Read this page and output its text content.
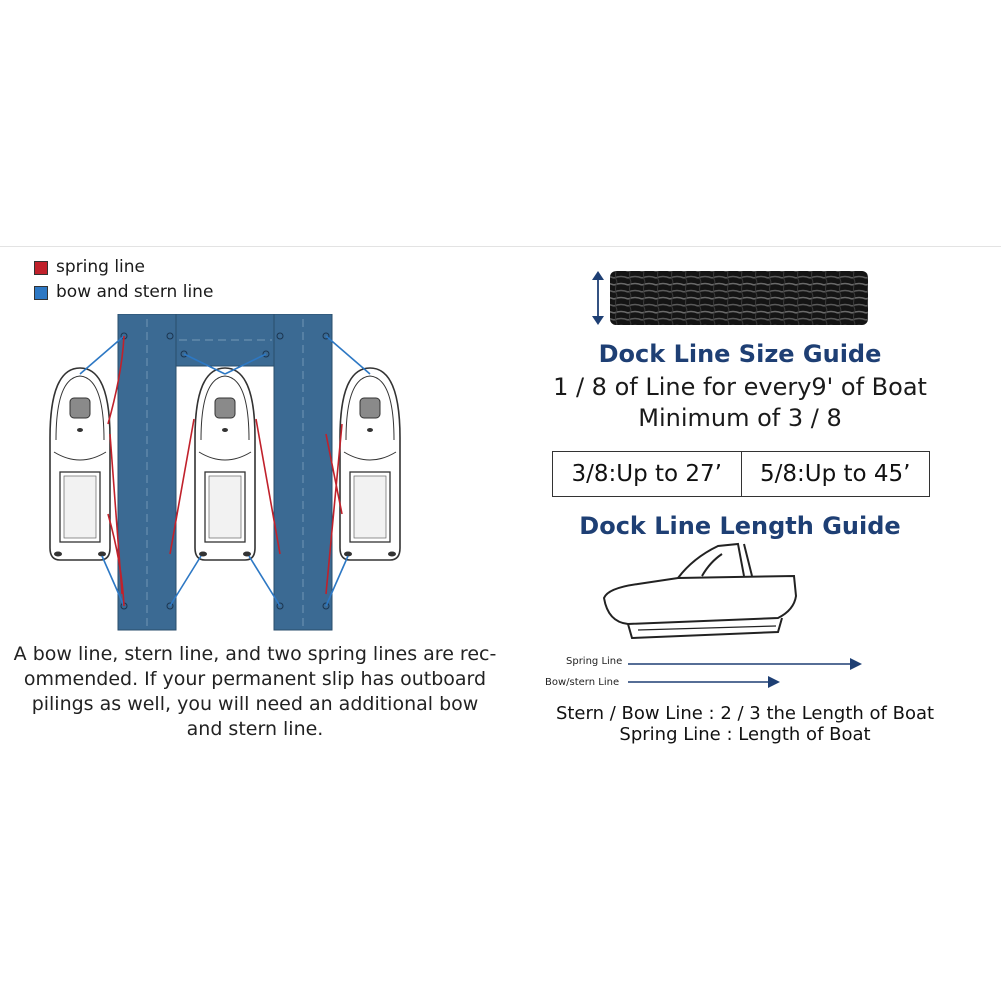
spring line
bow and stern line
A bow line, stern line, and two spring lines are rec-
ommended. If your permanent slip has outboard
pilings as well, you will need an additional bow
and stern line.
Dock Line Size Guide
1 / 8 of Line for every9' of Boat
Minimum of 3 / 8
3/8:Up to 27’	5/8:Up to 45’
Dock Line Length Guide
Spring Line
Bow/stern Line
Stern / Bow Line : 2 / 3 the Length of Boat
Spring Line : Length of Boat
